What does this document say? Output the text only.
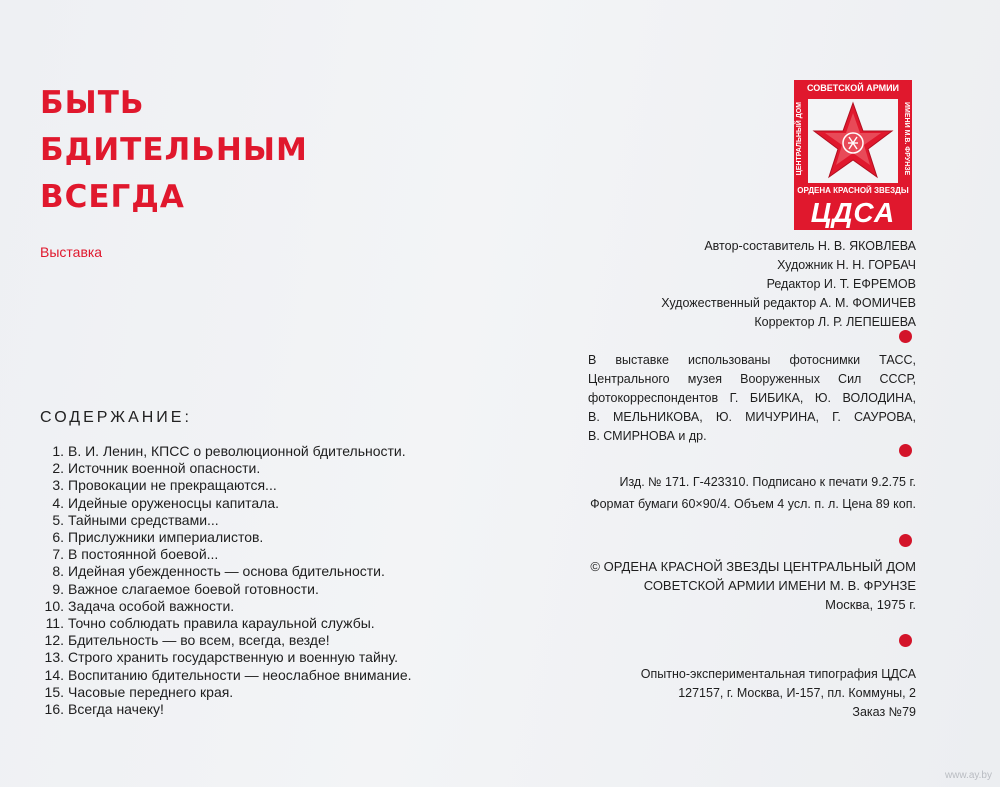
БЫТЬ
БДИТЕЛЬНЫМ
ВСЕГДА
Выставка
СОДЕРЖАНИЕ:
1. В. И. Ленин, КПСС о революционной бдительности.
2. Источник военной опасности.
3. Провокации не прекращаются...
4. Идейные оруженосцы капитала.
5. Тайными средствами...
6. Прислужники империалистов.
7. В постоянной боевой...
8. Идейная убежденность — основа бдительности.
9. Важное слагаемое боевой готовности.
10. Задача особой важности.
11. Точно соблюдать правила караульной службы.
12. Бдительность — во всем, всегда, везде!
13. Строго хранить государственную и военную тайну.
14. Воспитанию бдительности — неослабное внимание.
15. Часовые переднего края.
16. Всегда начеку!
СОВЕТСКОЙ АРМИИ
ЦЕНТРАЛЬНЫЙ ДОМ	ИМЕНИ М.В. ФРУНЗЕ
ОРДЕНА КРАСНОЙ ЗВЕЗДЫ
ЦДСА
Автор-составитель Н. В. ЯКОВЛЕВА
Художник Н. Н. ГОРБАЧ
Редактор И. Т. ЕФРЕМОВ
Художественный редактор А. М. ФОМИЧЕВ
Корректор Л. Р. ЛЕПЕШЕВА
В выставке использованы фотоснимки ТАСС,
Центрального музея Вооруженных Сил СССР,
фотокорреспондентов Г. БИБИКА, Ю. ВОЛОДИНА,
В. МЕЛЬНИКОВА, Ю. МИЧУРИНА, Г. САУРОВА,
В. СМИРНОВА и др.
Изд. № 171. Г-423310. Подписано к печати 9.2.75 г.
Формат бумаги 60×90/4. Объем 4 усл. п. л. Цена 89 коп.
© ОРДЕНА КРАСНОЙ ЗВЕЗДЫ ЦЕНТРАЛЬНЫЙ ДОМ
СОВЕТСКОЙ АРМИИ ИМЕНИ М. В. ФРУНЗЕ
Москва, 1975 г.
Опытно-экспериментальная типография ЦДСА
127157, г. Москва, И-157, пл. Коммуны, 2
Заказ №79
www.ay.by
